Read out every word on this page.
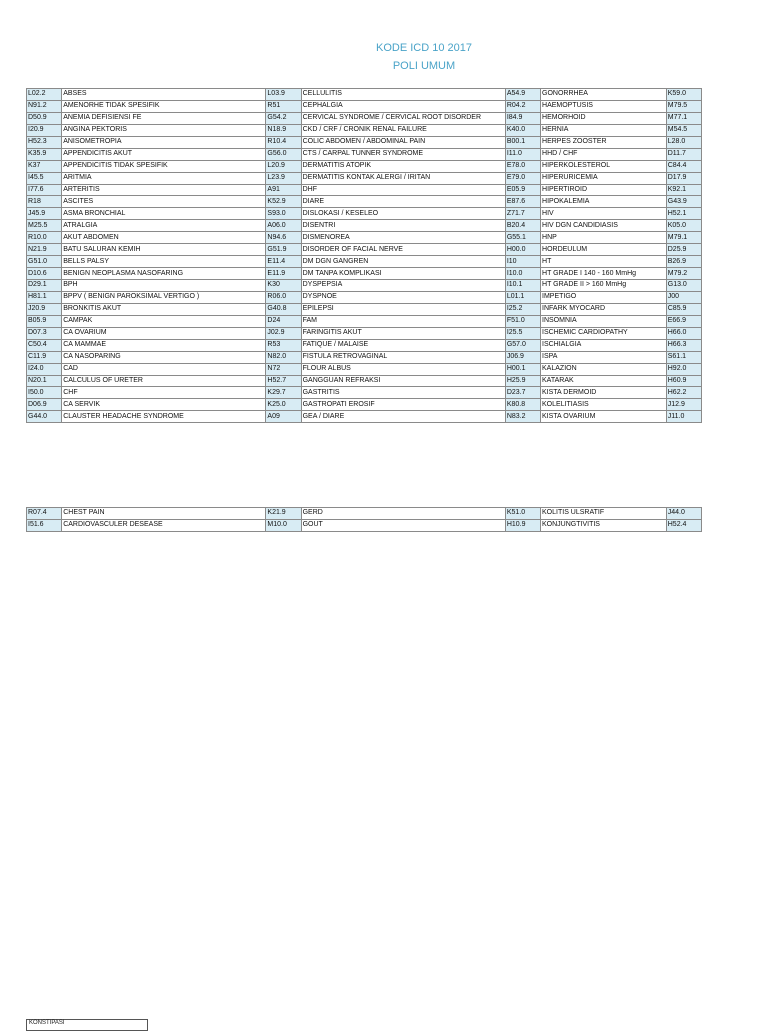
KODE ICD 10 2017
POLI UMUM
L02.2	ABSES	L03.9	CELLULITIS	A54.9	GONORRHEA	K59.0
N91.2	AMENORHE TIDAK SPESIFIK	R51	CEPHALGIA	R04.2	HAEMOPTUSIS	M79.5
D50.9	ANEMIA DEFISIENSI FE	G54.2	CERVICAL SYNDROME / CERVICAL ROOT DISORDER	I84.9	HEMORHOID	M77.1
I20.9	ANGINA PEKTORIS	N18.9	CKD / CRF / CRONIK RENAL FAILURE	K40.0	HERNIA	M54.5
H52.3	ANISOMETROPIA	R10.4	COLIC ABDOMEN / ABDOMINAL PAIN	B00.1	HERPES ZOOSTER	L28.0
K35.9	APPENDICITIS AKUT	G56.0	CTS / CARPAL TUNNER SYNDROME	I11.0	HHD / CHF	D11.7
K37	APPENDICITIS TIDAK SPESIFIK	L20.9	DERMATITIS ATOPIK	E78.0	HIPERKOLESTEROL	C84.4
I45.5	ARITMIA	L23.9	DERMATITIS KONTAK ALERGI / IRITAN	E79.0	HIPERURICEMIA	D17.9
I77.6	ARTERITIS	A91	DHF	E05.9	HIPERTIROID	K92.1
R18	ASCITES	K52.9	DIARE	E87.6	HIPOKALEMIA	G43.9
J45.9	ASMA BRONCHIAL	S93.0	DISLOKASI / KESELEO	Z71.7	HIV	H52.1
M25.5	ATRALGIA	A06.0	DISENTRI	B20.4	HIV DGN CANDIDIASIS	K05.0
R10.0	AKUT ABDOMEN	N94.6	DISMENOREA	G55.1	HNP	M79.1
N21.9	BATU SALURAN KEMIH	G51.9	DISORDER OF FACIAL NERVE	H00.0	HORDEULUM	D25.9
G51.0	BELLS PALSY	E11.4	DM DGN GANGREN	I10	HT	B26.9
D10.6	BENIGN NEOPLASMA NASOFARING	E11.9	DM TANPA KOMPLIKASI	I10.0	HT GRADE I 140 - 160 MmHg	M79.2
D29.1	BPH	K30	DYSPEPSIA	I10.1	HT GRADE II > 160 MmHg	G13.0
H81.1	BPPV ( BENIGN PAROKSIMAL VERTIGO )	R06.0	DYSPNOE	L01.1	IMPETIGO	J00
J20.9	BRONKITIS AKUT	G40.8	EPILEPSI	I25.2	INFARK MYOCARD	C85.9
B05.9	CAMPAK	D24	FAM	F51.0	INSOMNIA	E66.9
D07.3	CA OVARIUM	J02.9	FARINGITIS AKUT	I25.5	ISCHEMIC CARDIOPATHY	H66.0
C50.4	CA MAMMAE	R53	FATIQUE / MALAISE	G57.0	ISCHIALGIA	H66.3
C11.9	CA NASOPARING	N82.0	FISTULA RETROVAGINAL	J06.9	ISPA	S61.1
I24.0	CAD	N72	FLOUR ALBUS	H00.1	KALAZION	H92.0
N20.1	CALCULUS OF URETER	H52.7	GANGGUAN REFRAKSI	H25.9	KATARAK	H60.9
I50.0	CHF	K29.7	GASTRITIS	D23.7	KISTA DERMOID	H62.2
D06.9	CA SERVIK	K25.0	GASTROPATI EROSIF	K80.8	KOLELITIASIS	J12.9
G44.0	CLAUSTER HEADACHE SYNDROME	A09	GEA / DIARE	N83.2	KISTA OVARIUM	J11.0
R07.4	CHEST PAIN	K21.9	GERD	K51.0	KOLITIS ULSRATIF	J44.0
I51.6	CARDIOVASCULER DESEASE	M10.0	GOUT	H10.9	KONJUNGTIVITIS	H52.4
KONSTIPASI
